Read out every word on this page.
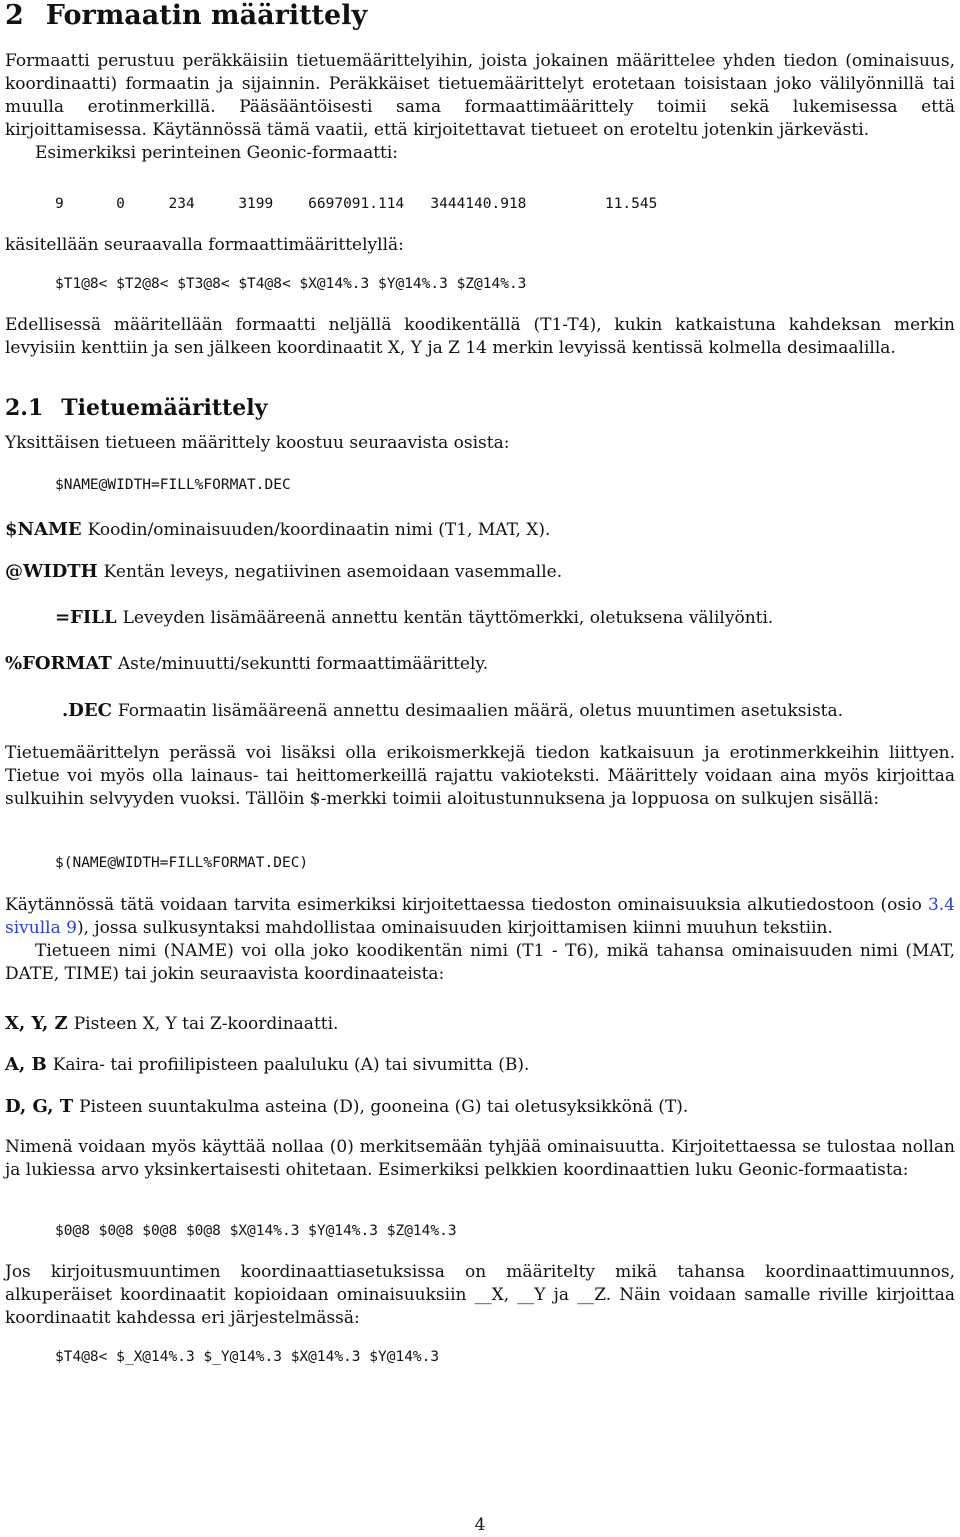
2 Formaatin määrittely

Formaatti perustuu peräkkäisiin tietuemäärittelyihin, joista jokainen määrittelee yhden tiedon (ominaisuus, koordinaatti) formaatin ja sijainnin. Peräkkäiset tietuemäärittelyt erotetaan toisistaan joko välilyönnillä tai muulla erotinmerkillä. Pääsääntöisesti sama formaattimäärittely toimii sekä lukemisessa että kirjoittamisessa. Käytännössä tämä vaatii, että kirjoitettavat tietueet on eroteltu jotenkin järkevästi.

Esimerkiksi perinteinen Geonic-formaatti:

9      0     234     3199    6697091.114   3444140.918         11.545

käsitellään seuraavalla formaattimäärittelyllä:

$T1@8< $T2@8< $T3@8< $T4@8< $X@14%.3 $Y@14%.3 $Z@14%.3

Edellisessä määritellään formaatti neljällä koodikentällä (T1-T4), kukin katkaistuna kahdeksan merkin levyisiin kenttiin ja sen jälkeen koordinaatit X, Y ja Z 14 merkin levyissä kentissä kolmella desimaalilla.

2.1 Tietuemäärittely

Yksittäisen tietueen määrittely koostuu seuraavista osista:

$NAME@WIDTH=FILL%FORMAT.DEC

$NAME Koodin/ominaisuuden/koordinaatin nimi (T1, MAT, X).

@WIDTH Kentän leveys, negatiivinen asemoidaan vasemmalle.

=FILL Leveyden lisämääreenä annettu kentän täyttömerkki, oletuksena välilyönti.

%FORMAT Aste/minuutti/sekuntti formaattimäärittely.

.DEC Formaatin lisämääreenä annettu desimaalien määrä, oletus muuntimen asetuksista.

Tietuemäärittelyn perässä voi lisäksi olla erikoismerkkejä tiedon katkaisuun ja erotinmerkkeihin liittyen. Tietue voi myös olla lainaus- tai heittomerkeillä rajattu vakioteksti. Määrittely voidaan aina myös kirjoittaa sulkuihin selvyyden vuoksi. Tällöin $-merkki toimii aloitustunnuksena ja loppuosa on sulkujen sisällä:

$(NAME@WIDTH=FILL%FORMAT.DEC)

Käytännössä tätä voidaan tarvita esimerkiksi kirjoitettaessa tiedoston ominaisuuksia alkutiedostoon (osio 3.4 sivulla 9), jossa sulkusyntaksi mahdollistaa ominaisuuden kirjoittamisen kiinni muuhun tekstiin.

Tietueen nimi (NAME) voi olla joko koodikentän nimi (T1 - T6), mikä tahansa ominaisuuden nimi (MAT, DATE, TIME) tai jokin seuraavista koordinaateista:

X, Y, Z Pisteen X, Y tai Z-koordinaatti.

A, B Kaira- tai profiilipisteen paaluluku (A) tai sivumitta (B).

D, G, T Pisteen suuntakulma asteina (D), gooneina (G) tai oletusyksikkönä (T).

Nimenä voidaan myös käyttää nollaa (0) merkitsemään tyhjää ominaisuutta. Kirjoitettaessa se tulostaa nollan ja lukiessa arvo yksinkertaisesti ohitetaan. Esimerkiksi pelkkien koordinaattien luku Geonic-formaatista:

$0@8 $0@8 $0@8 $0@8 $X@14%.3 $Y@14%.3 $Z@14%.3

Jos kirjoitusmuuntimen koordinaattiasetuksissa on määritelty mikä tahansa koordinaattimuunnos, alkuperäiset koordinaatit kopioidaan ominaisuuksiin __X, __Y ja __Z. Näin voidaan samalle riville kirjoittaa koordinaatit kahdessa eri järjestelmässä:

$T4@8< $_X@14%.3 $_Y@14%.3 $X@14%.3 $Y@14%.3
4
